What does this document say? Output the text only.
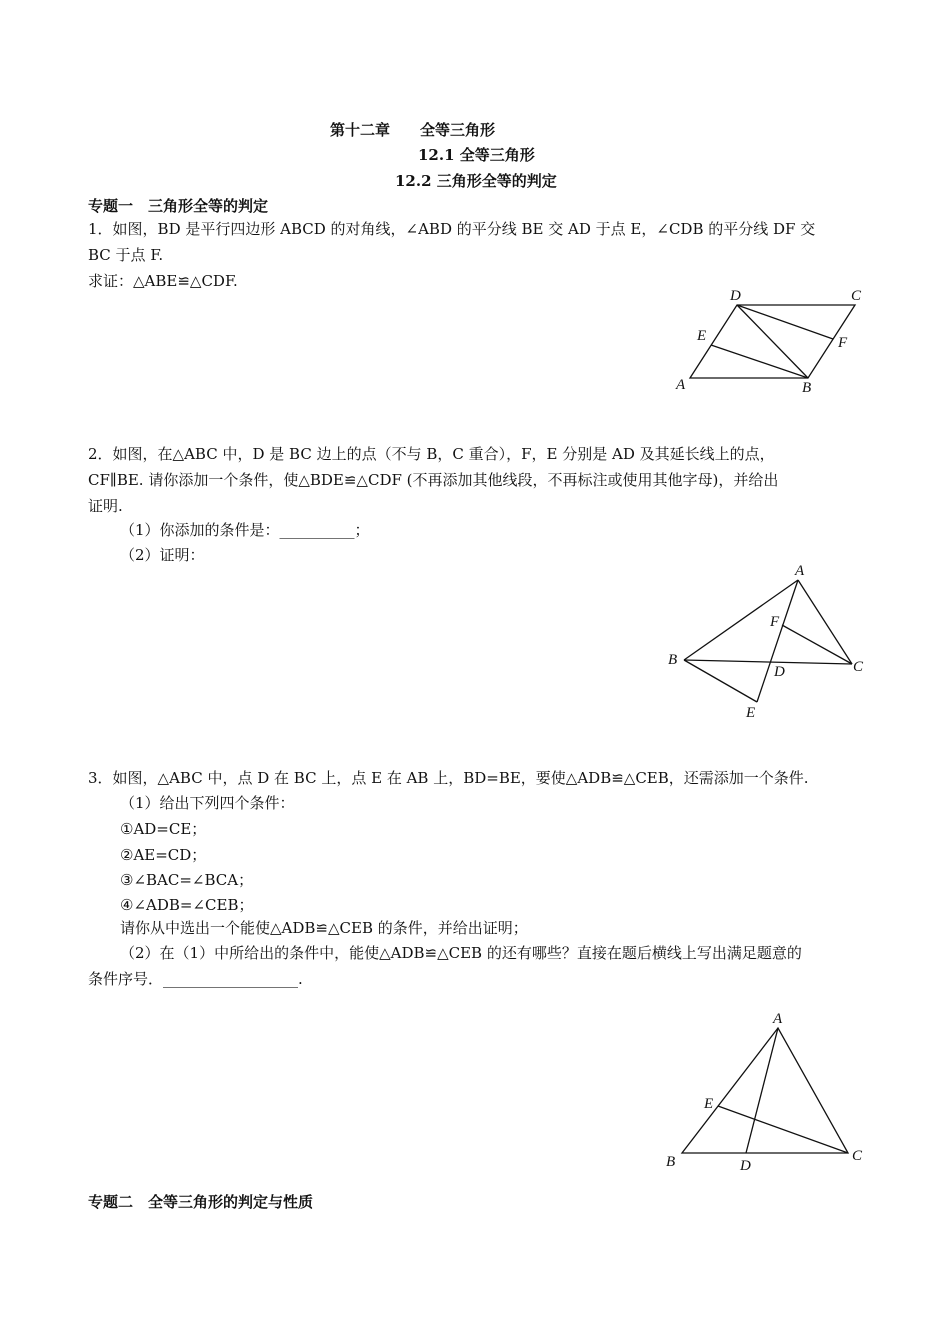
第十二章　　全等三角形
12.1 全等三角形
12.2 三角形全等的判定
专题一　三角形全等的判定
1．如图，BD 是平行四边形 ABCD 的对角线，∠ABD 的平分线 BE 交 AD 于点 E，∠CDB 的平分线 DF 交
BC 于点 F.
求证：△ABE≌△CDF.
A	B
C
D
E	F
2．如图，在△ABC 中，D 是 BC 边上的点（不与 B，C 重合），F，E 分别是 AD 及其延长线上的点，
CF∥BE. 请你添加一个条件，使△BDE≌△CDF (不再添加其他线段，不再标注或使用其他字母)，并给出
证明.
（1）你添加的条件是：__________；
（2）证明：
A
B	C
D
E
F
3．如图，△ABC 中，点 D 在 BC 上，点 E 在 AB 上，BD=BE，要使△ADB≌△CEB，还需添加一个条件.
（1）给出下列四个条件：
①AD=CE；
②AE=CD；
③∠BAC=∠BCA；
④∠ADB=∠CEB；
请你从中选出一个能使△ADB≌△CEB 的条件，并给出证明；
（2）在（1）中所给出的条件中，能使△ADB≌△CEB 的还有哪些？直接在题后横线上写出满足题意的
条件序号．__________________.
A
B	C
D
E
专题二　全等三角形的判定与性质
